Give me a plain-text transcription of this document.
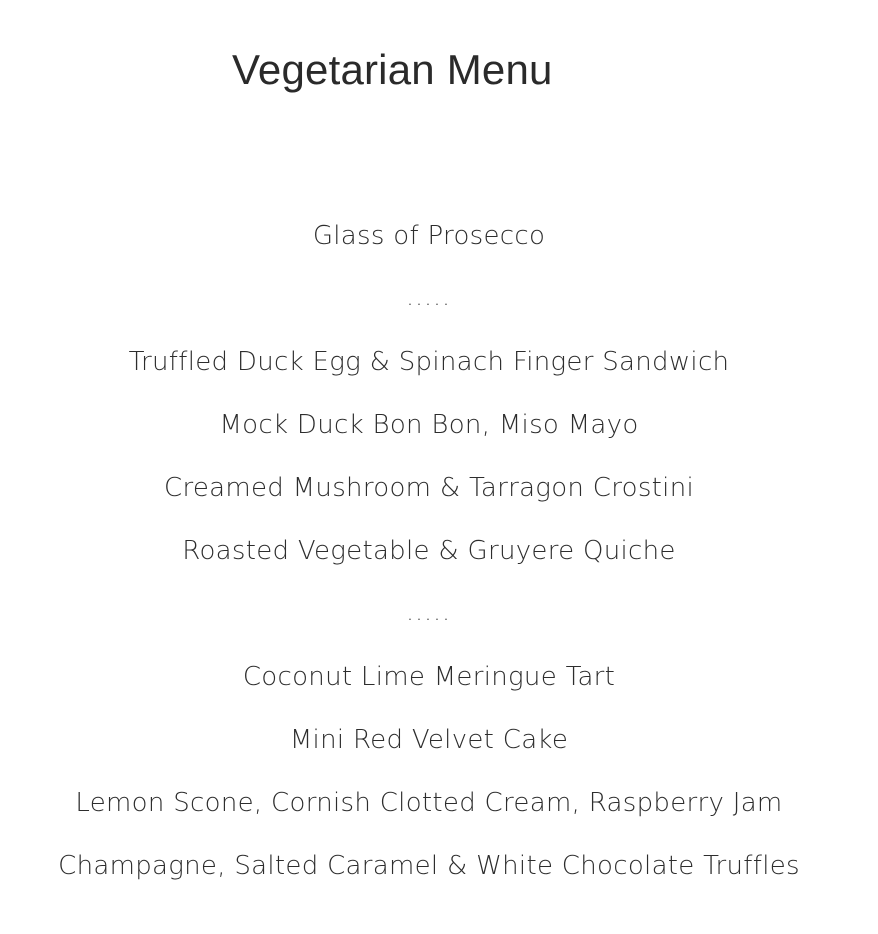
Vegetarian Menu
Glass of Prosecco
.....
Truffled Duck Egg & Spinach Finger Sandwich
Mock Duck Bon Bon, Miso Mayo
Creamed Mushroom & Tarragon Crostini
Roasted Vegetable & Gruyere Quiche
.....
Coconut Lime Meringue Tart
Mini Red Velvet Cake
Lemon Scone, Cornish Clotted Cream, Raspberry Jam
Champagne, Salted Caramel & White Chocolate Truffles
